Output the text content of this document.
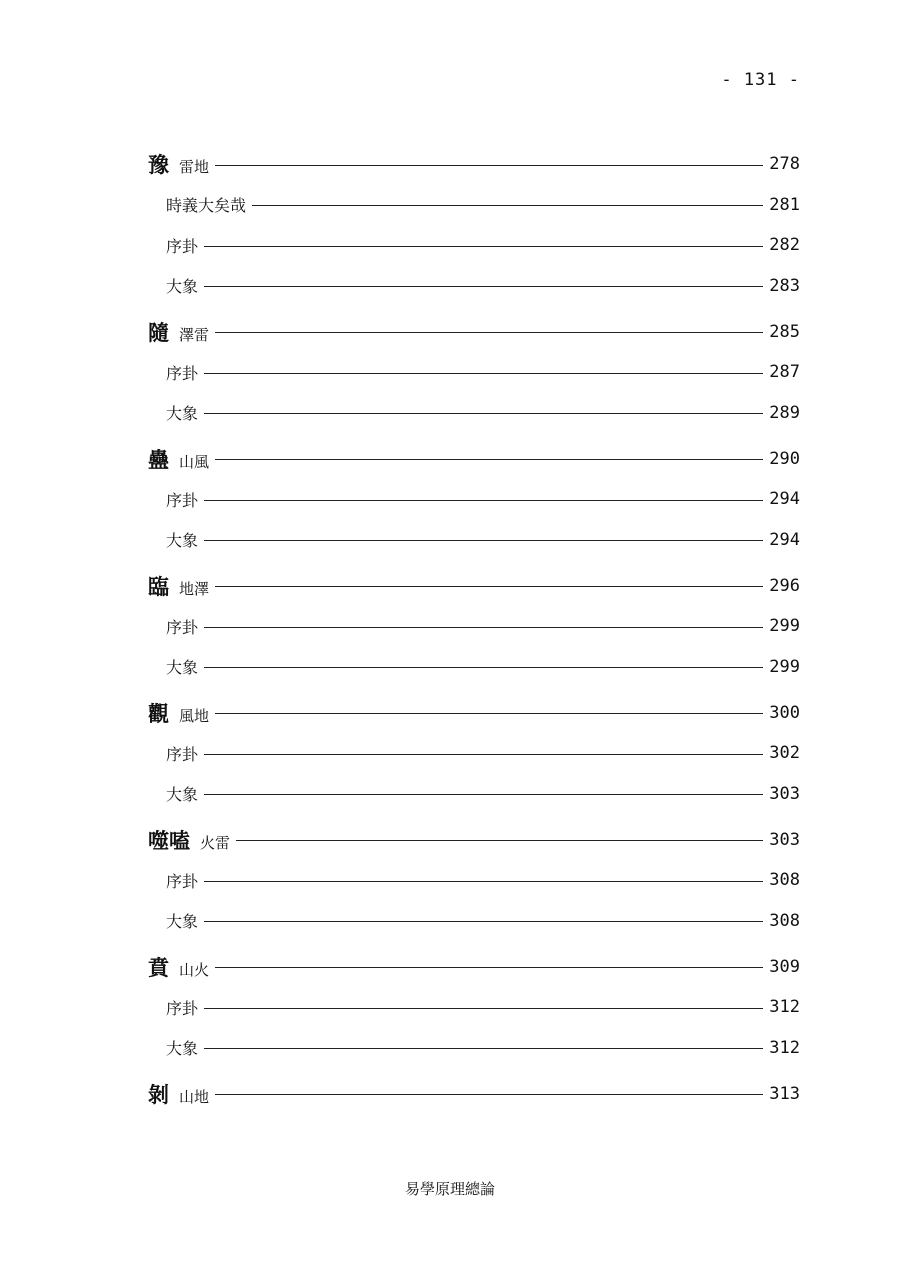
- 131 -
豫 雷地	278
時義大矣哉	281
序卦	282
大象	283
隨 澤雷	285
序卦	287
大象	289
蠱 山風	290
序卦	294
大象	294
臨 地澤	296
序卦	299
大象	299
觀 風地	300
序卦	302
大象	303
噬嗑 火雷	303
序卦	308
大象	308
賁 山火	309
序卦	312
大象	312
剝 山地	313
易學原理總論
